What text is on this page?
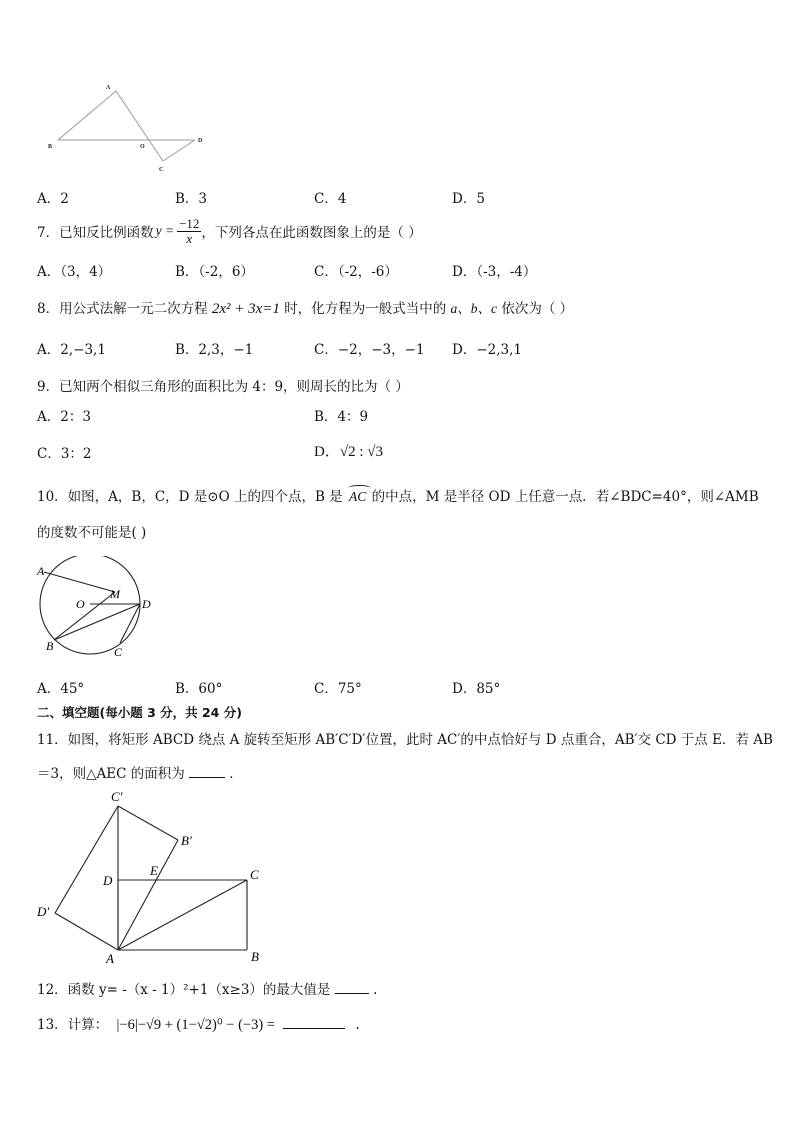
A
B	O
D
C
A．2	B．3	C．4	D．5
7．已知反比例函数 $y = \frac{-12}{x}$ ，下列各点在此函数图象上的是（ ）
A．（3，4）	B．（-2，6）	C．（-2，-6）	D．（-3，-4）
8．用公式法解一元二次方程 2x² + 3x=1 时，化方程为一般式当中的 a、b、c 依次为（ ）
A．2,−3,1	B．2,3，−1	C．−2，−3，−1 D．−2,3,1
9．已知两个相似三角形的面积比为 4：9，则周长的比为（ ）
A．2：3	B．4：9
C．3：2	D．√2 : √3
10．如图，A，B，C，D 是⊙O 上的四个点，B 是 AC 的中点，M 是半径 OD 上任意一点．若∠BDC=40°，则∠AMB
的度数不可能是( )
A
O
M
D
B	C
A．45°	B．60°	C．75°	D．85°
二、填空题(每小题 3 分，共 24 分)
11．如图，将矩形 ABCD 绕点 A 旋转至矩形 AB′C′D′位置，此时 AC′的中点恰好与 D 点重合，AB′交 CD 于点 E．若 AB
＝3，则△AEC 的面积为	．
C′
B′
D
E	C
D′
A	B
12．函数 y= -（x - 1）²+1（x≥3）的最大值是	.
13．计算： |−6|−√9 + (1−√2)⁰ − (−3) =	.
